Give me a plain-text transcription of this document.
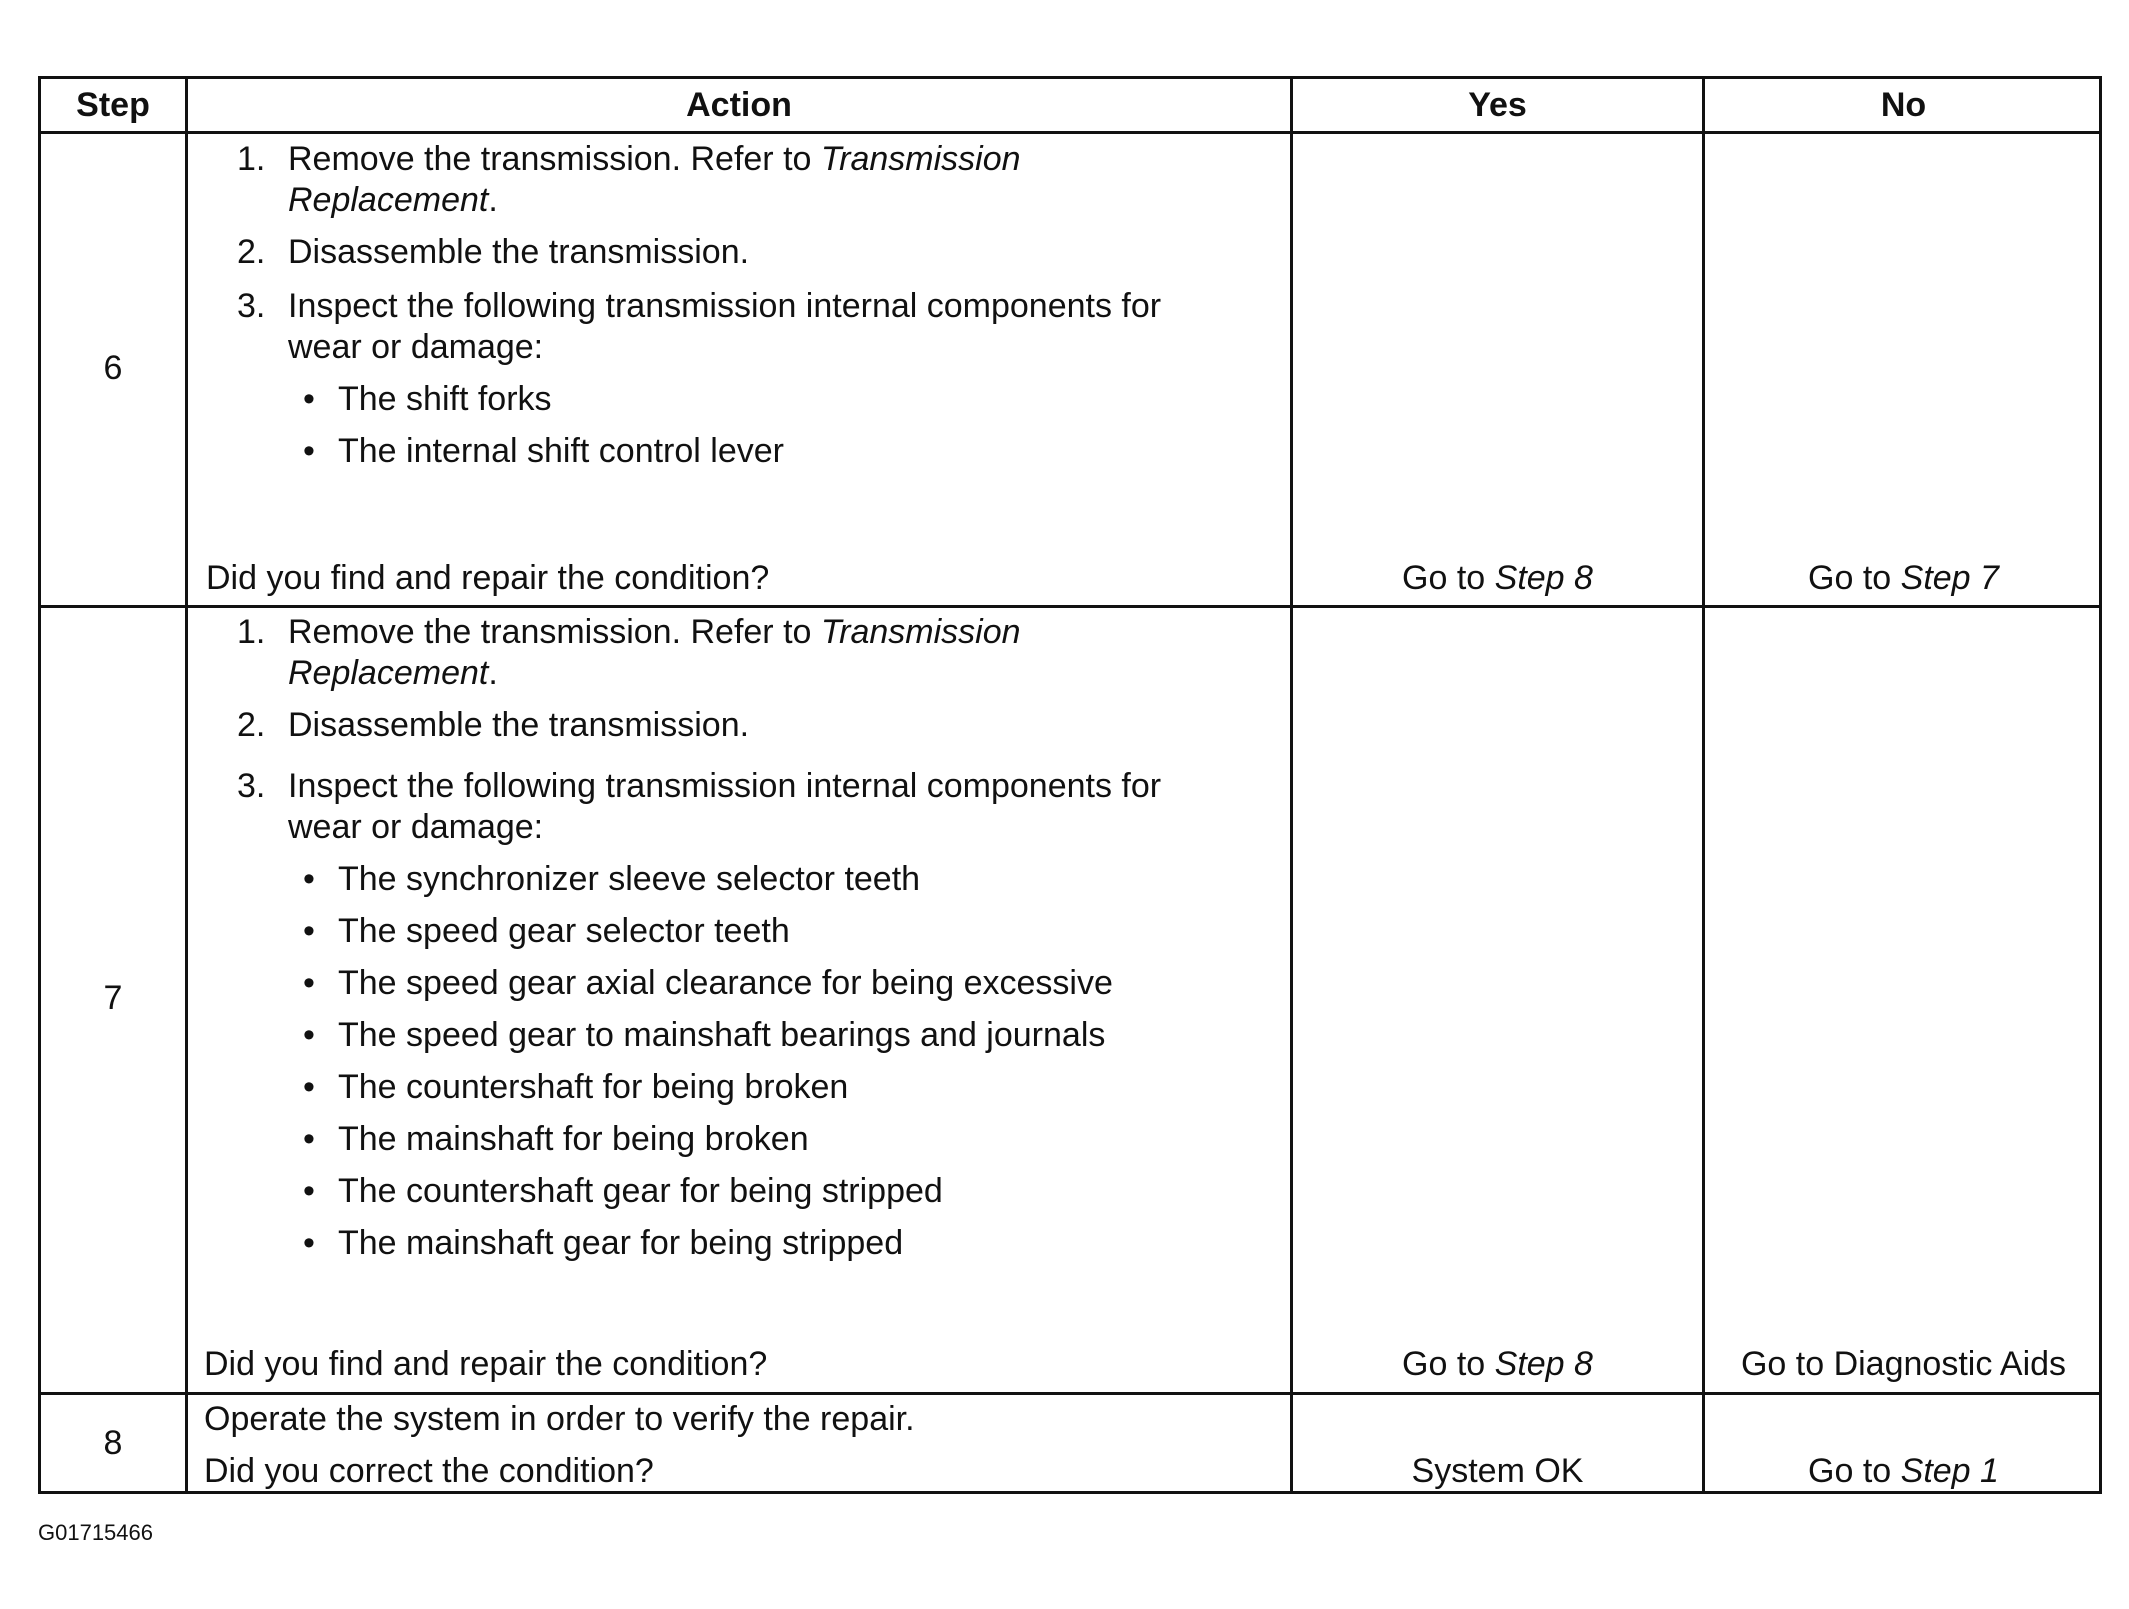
Step	Action	Yes	No
6
1. Remove the transmission. Refer to Transmission
Replacement.
2. Disassemble the transmission.
3. Inspect the following transmission internal components for
wear or damage:
• The shift forks
• The internal shift control lever
Did you find and repair the condition?	Go to Step 8	Go to Step 7
7
1. Remove the transmission. Refer to Transmission
Replacement.
2. Disassemble the transmission.
3. Inspect the following transmission internal components for
wear or damage:
• The synchronizer sleeve selector teeth
• The speed gear selector teeth
• The speed gear axial clearance for being excessive
• The speed gear to mainshaft bearings and journals
• The countershaft for being broken
• The mainshaft for being broken
• The countershaft gear for being stripped
• The mainshaft gear for being stripped
Did you find and repair the condition?	Go to Step 8	Go to Diagnostic Aids
8
Operate the system in order to verify the repair.
Did you correct the condition?	System OK	Go to Step 1
G01715466
